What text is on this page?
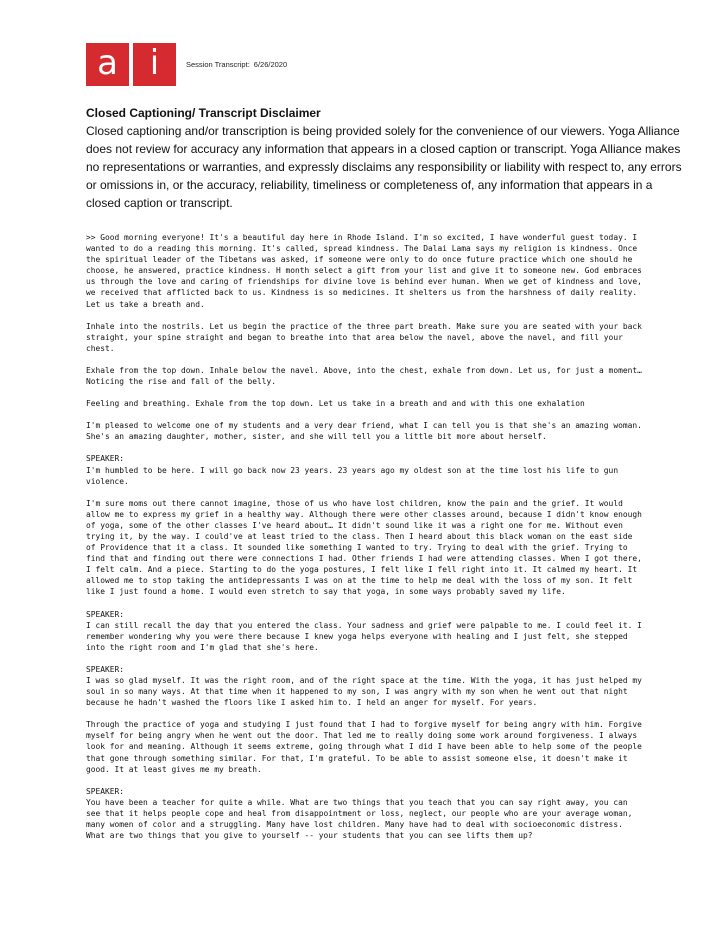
a i	Session Transcript: 6/26/2020
Closed Captioning/ Transcript Disclaimer
Closed captioning and/or transcription is being provided solely for the convenience of our viewers. Yoga Alliance does not review for accuracy any information that appears in a closed caption or transcript. Yoga Alliance makes no representations or warranties, and expressly disclaims any responsibility or liability with respect to, any errors or omissions in, or the accuracy, reliability, timeliness or completeness of, any information that appears in a closed caption or transcript.
>> Good morning everyone! It's a beautiful day here in Rhode Island. I'm so excited, I have wonderful guest today. I wanted to do a reading this morning. It's called, spread kindness. The Dalai Lama says my religion is kindness. Once the spiritual leader of the Tibetans was asked, if someone were only to do once future practice which one should he choose, he answered, practice kindness. H month select a gift from your list and give it to someone new. God embraces us through the love and caring of friendships for divine love is behind ever human. When we get of kindness and love, we received that afflicted back to us. Kindness is so medicines. It shelters us from the harshness of daily reality. Let us take a breath and.
Inhale into the nostrils. Let us begin the practice of the three part breath. Make sure you are seated with your back straight, your spine straight and began to breathe into that area below the navel, above the navel, and fill your chest.
Exhale from the top down. Inhale below the navel. Above, into the chest, exhale from down. Let us, for just a moment… Noticing the rise and fall of the belly.
Feeling and breathing. Exhale from the top down. Let us take in a breath and and with this one exhalation
I'm pleased to welcome one of my students and a very dear friend, what I can tell you is that she's an amazing woman. She's an amazing daughter, mother, sister, and she will tell you a little bit more about herself.
SPEAKER:
I'm humbled to be here. I will go back now 23 years. 23 years ago my oldest son at the time lost his life to gun violence.
I'm sure moms out there cannot imagine, those of us who have lost children, know the pain and the grief. It would allow me to express my grief in a healthy way. Although there were other classes around, because I didn't know enough of yoga, some of the other classes I've heard about… It didn't sound like it was a right one for me. Without even trying it, by the way. I could've at least tried to the class. Then I heard about this black woman on the east side of Providence that it a class. It sounded like something I wanted to try. Trying to deal with the grief. Trying to find that and finding out there were connections I had. Other friends I had were attending classes. When I got there, I felt calm. And a piece. Starting to do the yoga postures, I felt like I fell right into it. It calmed my heart. It allowed me to stop taking the antidepressants I was on at the time to help me deal with the loss of my son. It felt like I just found a home. I would even stretch to say that yoga, in some ways probably saved my life.
SPEAKER:
I can still recall the day that you entered the class. Your sadness and grief were palpable to me. I could feel it. I remember wondering why you were there because I knew yoga helps everyone with healing and I just felt, she stepped into the right room and I'm glad that she's here.
SPEAKER:
I was so glad myself. It was the right room, and of the right space at the time. With the yoga, it has just helped my soul in so many ways. At that time when it happened to my son, I was angry with my son when he went out that night because he hadn't washed the floors like I asked him to. I held an anger for myself. For years.
Through the practice of yoga and studying I just found that I had to forgive myself for being angry with him. Forgive myself for being angry when he went out the door. That led me to really doing some work around forgiveness. I always look for and meaning. Although it seems extreme, going through what I did I have been able to help some of the people that gone through something similar. For that, I'm grateful. To be able to assist someone else, it doesn't make it good. It at least gives me my breath.
SPEAKER:
You have been a teacher for quite a while. What are two things that you teach that you can say right away, you can see that it helps people cope and heal from disappointment or loss, neglect, our people who are your average woman, many women of color and a struggling. Many have lost children. Many have had to deal with socioeconomic distress. What are two things that you give to yourself -- your students that you can see lifts them up?
